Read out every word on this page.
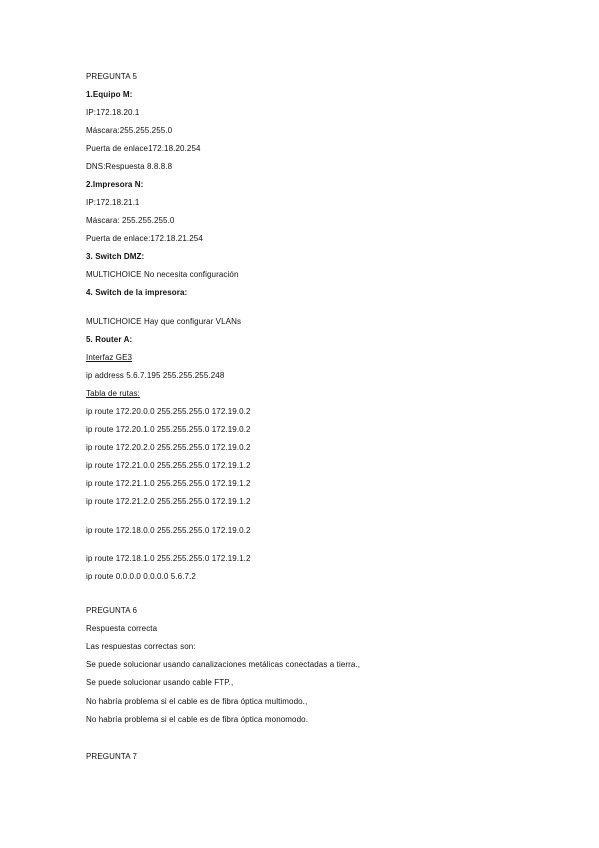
PREGUNTA 5
1.Equipo M:
IP:172.18.20.1
Máscara:255.255.255.0
Puerta de enlace172.18.20.254
DNS:Respuesta 8.8.8.8
2.Impresora N:
IP:172.18.21.1
Máscara: 255.255.255.0
Puerta de enlace:172.18.21.254
3. Switch DMZ:
MULTICHOICE No necesita configuración
4. Switch de la impresora:
MULTICHOICE Hay que configurar VLANs
5. Router A:
Interfaz GE3
ip address 5.6.7.195 255.255.255.248
Tabla de rutas:
ip route 172.20.0.0 255.255.255.0 172.19.0.2
ip route 172.20.1.0 255.255.255.0 172.19.0.2
ip route 172.20.2.0 255.255.255.0 172.19.0.2
ip route 172.21.0.0 255.255.255.0 172.19.1.2
ip route 172.21.1.0 255.255.255.0 172.19.1.2
ip route 172.21.2.0 255.255.255.0 172.19.1.2
ip route 172.18.0.0 255.255.255.0 172.19.0.2
ip route 172.18.1.0 255.255.255.0 172.19.1.2
ip route 0.0.0.0 0.0.0.0 5.6.7.2
PREGUNTA 6
Respuesta correcta
Las respuestas correctas son:
Se puede solucionar usando canalizaciones metálicas conectadas a tierra.,
Se puede solucionar usando cable FTP.,
No habría problema si el cable es de fibra óptica multimodo.,
No habría problema si el cable es de fibra óptica monomodo.
PREGUNTA 7
